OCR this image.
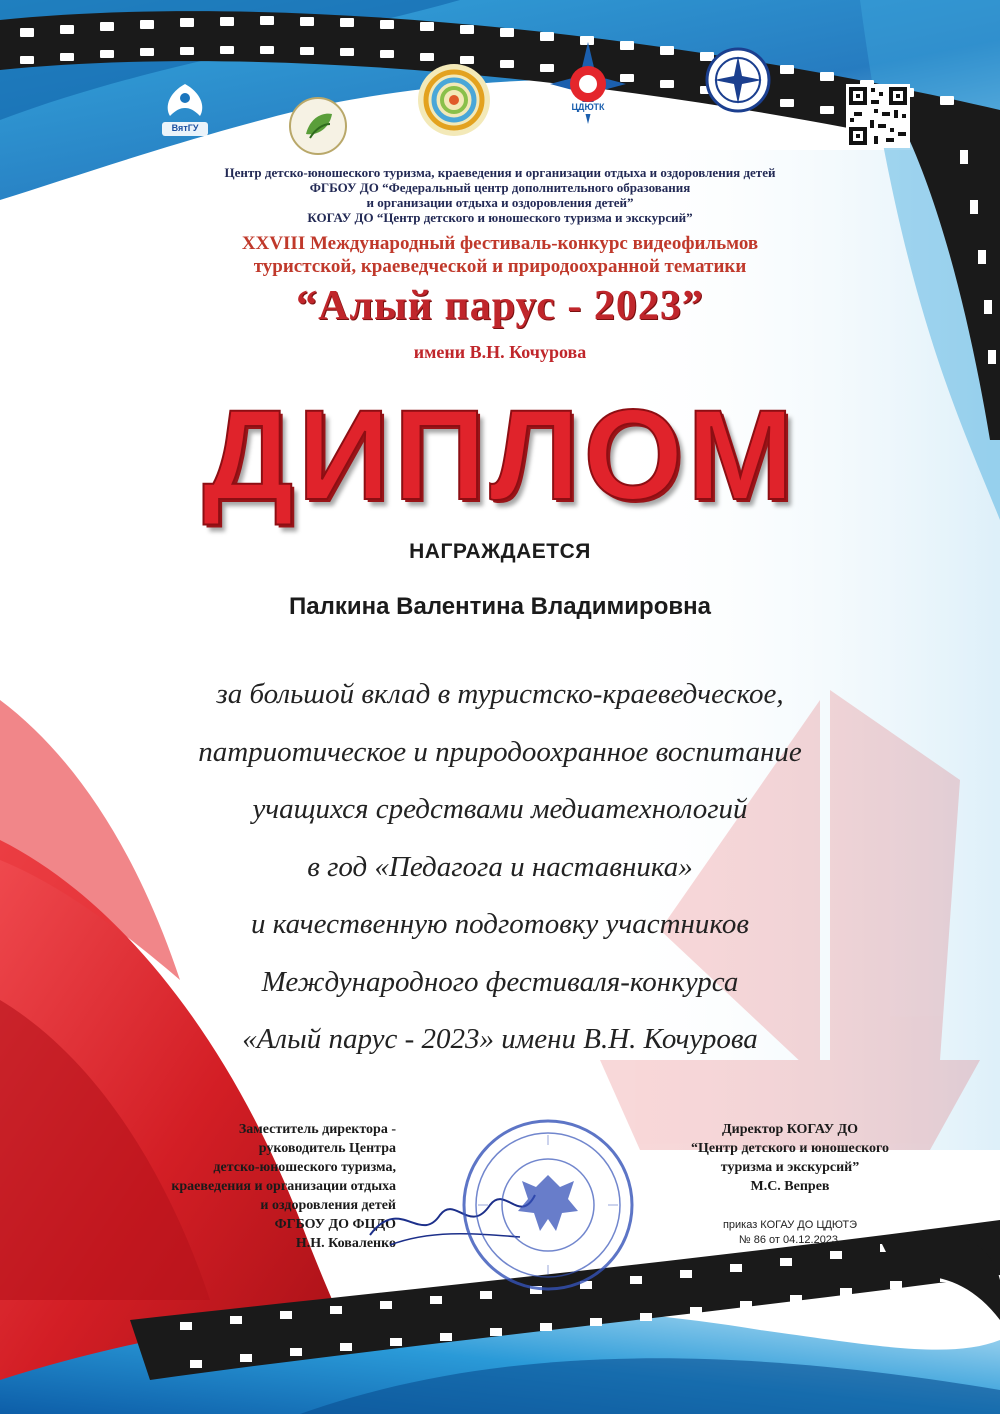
ВятГУ
ЦДЮТК
Центр детско-юношеского туризма, краеведения и организации отдыха и оздоровления детей
ФГБОУ ДО “Федеральный центр дополнительного образования
и организации отдыха и оздоровления детей”
КОГАУ ДО “Центр детского и юношеского туризма и экскурсий”
XXVIII Международный фестиваль-конкурс видеофильмов
туристской, краеведческой и природоохранной тематики
“Алый парус - 2023”
имени В.Н. Кочурова
ДИПЛОМ
НАГРАЖДАЕТСЯ
Палкина Валентина Владимировна
за большой вклад в туристско-краеведческое,
патриотическое и природоохранное воспитание
учащихся средствами медиатехнологий
в год «Педагога и наставника»
и качественную подготовку участников
Международного фестиваля-конкурса
«Алый парус - 2023» имени В.Н. Кочурова
Заместитель директора -
руководитель Центра
детско-юношеского туризма,
краеведения и организации отдыха
и оздоровления детей
ФГБОУ ДО ФЦДО
Н.Н. Коваленко
Директор КОГАУ ДО
“Центр детского и юношеского
туризма и экскурсий”
М.С. Вепрев
приказ КОГАУ ДО ЦДЮТЭ
№ 86 от 04.12.2023.
